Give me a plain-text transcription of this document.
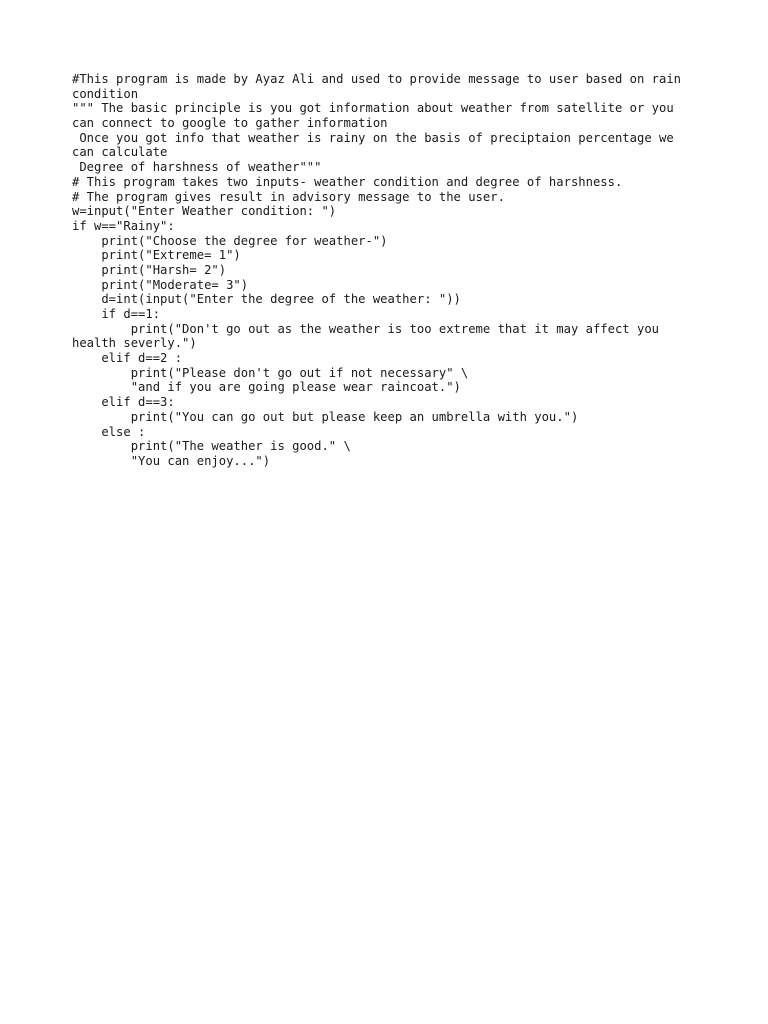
#This program is made by Ayaz Ali and used to provide message to user based on rain
condition
""" The basic principle is you got information about weather from satellite or you
can connect to google to gather information
Once you got info that weather is rainy on the basis of preciptaion percentage we
can calculate
Degree of harshness of weather"""
# This program takes two inputs- weather condition and degree of harshness.
# The program gives result in advisory message to the user.
w=input("Enter Weather condition: ")
if w=="Rainy":
print("Choose the degree for weather-")
print("Extreme= 1")
print("Harsh= 2")
print("Moderate= 3")
d=int(input("Enter the degree of the weather: "))
if d==1:
print("Don't go out as the weather is too extreme that it may affect you
health severly.")
elif d==2 :
print("Please don't go out if not necessary" \
"and if you are going please wear raincoat.")
elif d==3:
print("You can go out but please keep an umbrella with you.")
else :
print("The weather is good." \
"You can enjoy...")
